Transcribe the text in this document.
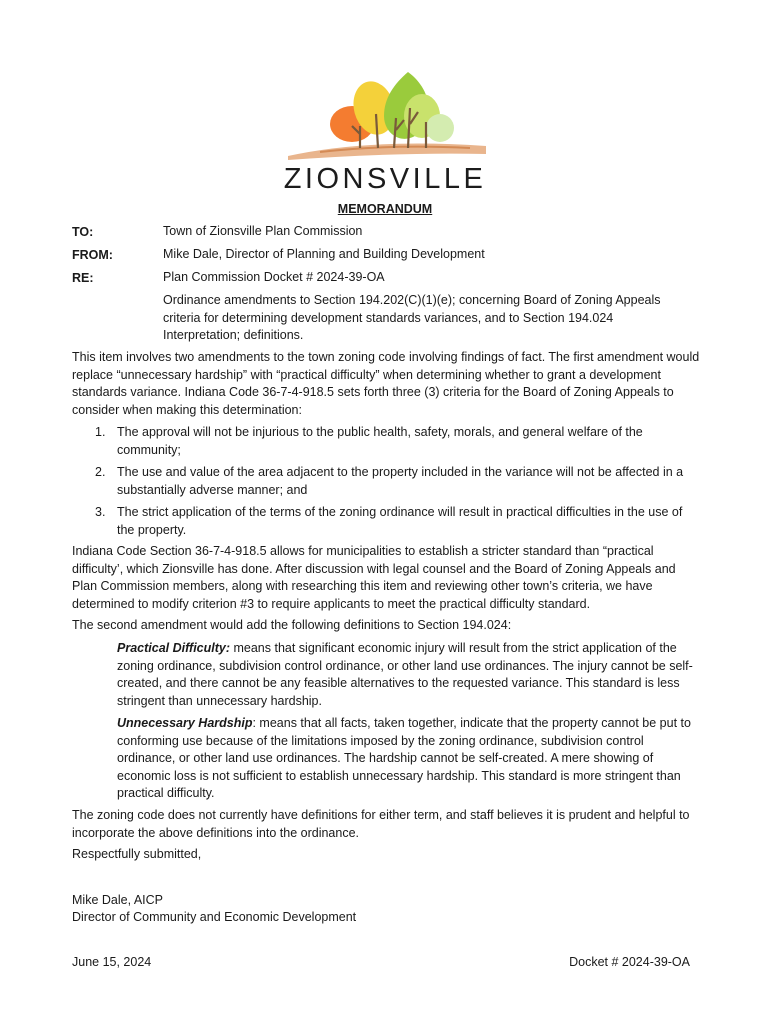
ZIONSVILLE
MEMORANDUM
TO:	Town of Zionsville Plan Commission
FROM:	Mike Dale, Director of Planning and Building Development
RE:	Plan Commission Docket # 2024-39-OA
Ordinance amendments to Section 194.202(C)(1)(e); concerning Board of Zoning Appeals criteria for determining development standards variances, and to Section 194.024 Interpretation; definitions.

This item involves two amendments to the town zoning code involving findings of fact. The first amendment would replace “unnecessary hardship” with “practical difficulty” when determining whether to grant a development standards variance. Indiana Code 36-7-4-918.5 sets forth three (3) criteria for the Board of Zoning Appeals to consider when making this determination:

1. The approval will not be injurious to the public health, safety, morals, and general welfare of the community;
2. The use and value of the area adjacent to the property included in the variance will not be affected in a substantially adverse manner; and
3. The strict application of the terms of the zoning ordinance will result in practical difficulties in the use of the property.

Indiana Code Section 36-7-4-918.5 allows for municipalities to establish a stricter standard than “practical difficulty’, which Zionsville has done. After discussion with legal counsel and the Board of Zoning Appeals and Plan Commission members, along with researching this item and reviewing other town’s criteria, we have determined to modify criterion #3 to require applicants to meet the practical difficulty standard.

The second amendment would add the following definitions to Section 194.024:

Practical Difficulty: means that significant economic injury will result from the strict application of the zoning ordinance, subdivision control ordinance, or other land use ordinances. The injury cannot be self-created, and there cannot be any feasible alternatives to the requested variance. This standard is less stringent than unnecessary hardship.
Unnecessary Hardship: means that all facts, taken together, indicate that the property cannot be put to conforming use because of the limitations imposed by the zoning ordinance, subdivision control ordinance, or other land use ordinances. The hardship cannot be self-created. A mere showing of economic loss is not sufficient to establish unnecessary hardship. This standard is more stringent than practical difficulty.

The zoning code does not currently have definitions for either term, and staff believes it is prudent and helpful to incorporate the above definitions into the ordinance.

Respectfully submitted,

Mike Dale, AICP

Director of Community and Economic Development

June 15, 2024	Docket # 2024-39-OA
